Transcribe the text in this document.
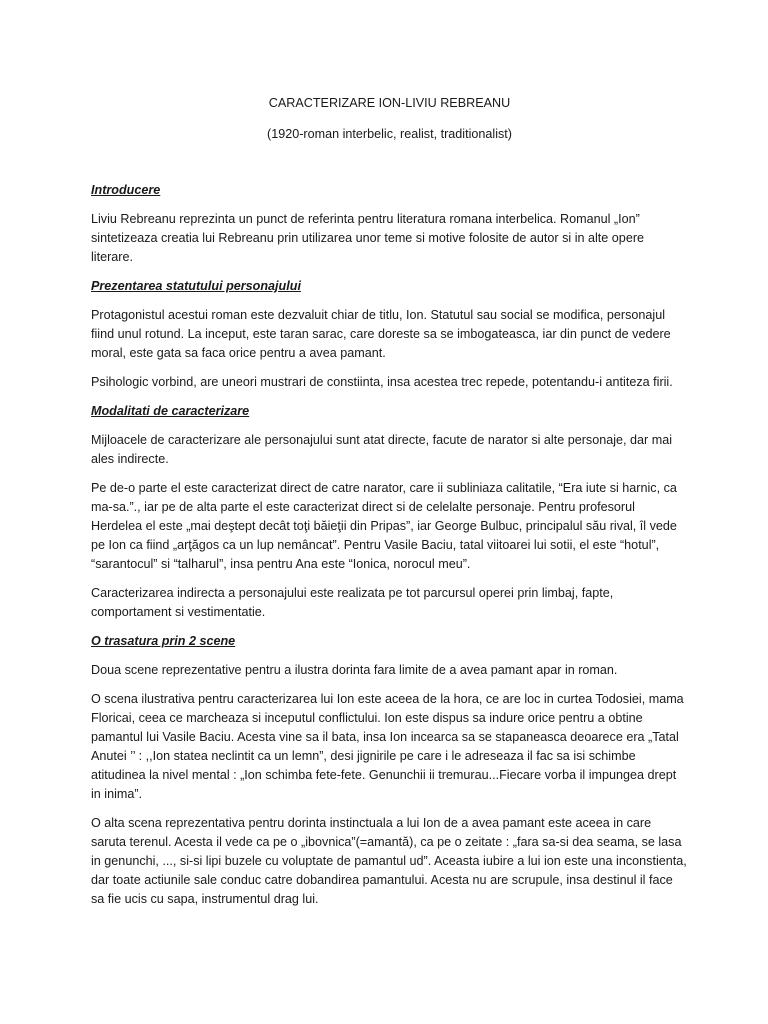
CARACTERIZARE ION-LIVIU REBREANU

(1920-roman interbelic, realist, traditionalist)

Introducere

Liviu Rebreanu reprezinta un punct de referinta pentru literatura romana interbelica. Romanul „Ion” sintetizeaza creatia lui Rebreanu prin utilizarea unor teme si motive folosite de autor si in alte opere literare.

Prezentarea statutului personajului

Protagonistul acestui roman este dezvaluit chiar de titlu, Ion. Statutul sau social se modifica, personajul fiind unul rotund. La inceput, este taran sarac, care doreste sa se imbogateasca, iar din punct de vedere moral, este gata sa faca orice pentru a avea pamant.

Psihologic vorbind, are uneori mustrari de constiinta, insa acestea trec repede, potentandu-i antiteza firii.

Modalitati de caracterizare

Mijloacele de caracterizare ale personajului sunt atat directe, facute de narator si alte personaje, dar mai ales indirecte.

Pe de-o parte el este caracterizat direct de catre narator, care ii subliniaza calitatile, “Era iute si harnic, ca ma-sa.”., iar pe de alta parte el este caracterizat direct si de celelalte personaje. Pentru profesorul Herdelea el este „mai deştept decât toţi băieţii din Pripas”, iar George Bulbuc, principalul său rival, îl vede pe Ion ca fiind „arţăgos ca un lup nemâncat”. Pentru Vasile Baciu, tatal viitoarei lui sotii, el este “hotul”, “sarantocul” si “talharul”, insa pentru Ana este “Ionica, norocul meu”.

Caracterizarea indirecta a personajului este realizata pe tot parcursul operei prin limbaj, fapte, comportament si vestimentatie.

O trasatura prin 2 scene

Doua scene reprezentative pentru a ilustra dorinta fara limite de a avea pamant apar in roman.

O scena ilustrativa pentru caracterizarea lui Ion este aceea de la hora, ce are loc in curtea Todosiei, mama Floricai, ceea ce marcheaza si inceputul conflictului. Ion este dispus sa indure orice pentru a obtine pamantul lui Vasile Baciu. Acesta vine sa il bata, insa Ion incearca sa se stapaneasca deoarece era „Tatal Anutei ’’ : ,,Ion statea neclintit ca un lemn”, desi jignirile pe care i le adreseaza il fac sa isi schimbe atitudinea la nivel mental : „Ion schimba fete-fete. Genunchii ii tremurau...Fiecare vorba il impungea drept in inima”.

O alta scena reprezentativa pentru dorinta instinctuala a lui Ion de a avea pamant este aceea in care saruta terenul. Acesta il vede ca pe o „ibovnica”(=amantă), ca pe o zeitate : „fara sa-si dea seama, se lasa in genunchi, ..., si-si lipi buzele cu voluptate de pamantul ud”. Aceasta iubire a lui ion este una inconstienta, dar toate actiunile sale conduc catre dobandirea pamantului. Acesta nu are scrupule, insa destinul il face sa fie ucis cu sapa, instrumentul drag lui.
